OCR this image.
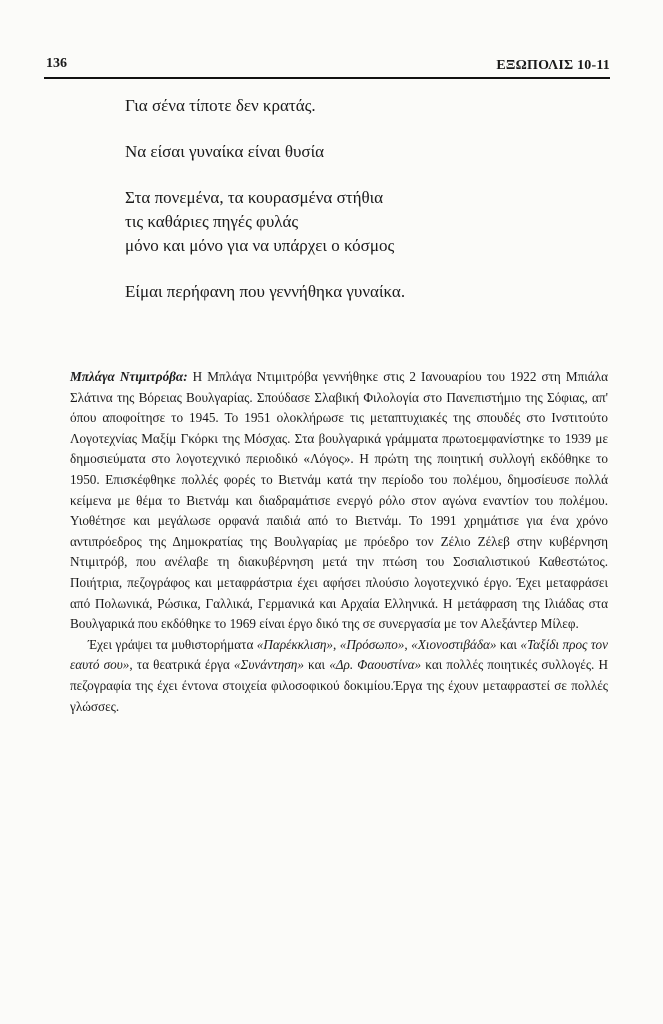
136	ΕΞΩΠΟΛΙΣ 10-11
Για σένα τίποτε δεν κρατάς.
Να είσαι γυναίκα είναι θυσία
Στα πονεμένα, τα κουρασμένα στήθια
τις καθάριες πηγές φυλάς
μόνο και μόνο για να υπάρχει ο κόσμος
Είμαι περήφανη που γεννήθηκα γυναίκα.

Μπλάγα Ντιμιτρόβα: Η Μπλάγα Ντιμιτρόβα γεννήθηκε στις 2 Ιανουαρίου του 1922 στη Μπιάλα Σλάτινα της Βόρειας Βουλγαρίας. Σπούδασε Σλαβική Φιλολογία στο Πανεπιστήμιο της Σόφιας, απ' όπου αποφοίτησε το 1945. Το 1951 ολοκλήρωσε τις μεταπτυχιακές της σπουδές στο Ινστιτούτο Λογοτεχνίας Μαξίμ Γκόρκι της Μόσχας. Στα βουλγαρικά γράμματα πρωτοεμφανίστηκε το 1939 με δημοσιεύματα στο λογοτεχνικό περιοδικό «Λόγος». Η πρώτη της ποιητική συλλογή εκδόθηκε το 1950. Επισκέφθηκε πολλές φορές το Βιετνάμ κατά την περίοδο του πολέμου, δημοσίευσε πολλά κείμενα με θέμα το Βιετνάμ και διαδραμάτισε ενεργό ρόλο στον αγώνα εναντίον του πολέμου. Υιοθέτησε και μεγάλωσε ορφανά παιδιά από το Βιετνάμ. Το 1991 χρημάτισε για ένα χρόνο αντιπρόεδρος της Δημοκρατίας της Βουλγαρίας με πρόεδρο τον Ζέλιο Ζέλεβ στην κυβέρνηση Ντιμιτρόβ, που ανέλαβε τη διακυβέρνηση μετά την πτώση του Σοσιαλιστικού Καθεστώτος. Ποιήτρια, πεζογράφος και μεταφράστρια έχει αφήσει πλούσιο λογοτεχνικό έργο. Έχει μεταφράσει από Πολωνικά, Ρώσικα, Γαλλικά, Γερμανικά και Αρχαία Ελληνικά. Η μετάφραση της Ιλιάδας στα Βουλγαρικά που εκδόθηκε το 1969 είναι έργο δικό της σε συνεργασία με τον Αλεξάντερ Μίλεφ.

Έχει γράψει τα μυθιστορήματα «Παρέκκλιση», «Πρόσωπο», «Χιονοστιβάδα» και «Ταξίδι προς τον εαυτό σου», τα θεατρικά έργα «Συνάντηση» και «Δρ. Φαουστίνα» και πολλές ποιητικές συλλογές. Η πεζογραφία της έχει έντονα στοιχεία φιλοσοφικού δοκιμίου.Έργα της έχουν μεταφραστεί σε πολλές γλώσσες.
